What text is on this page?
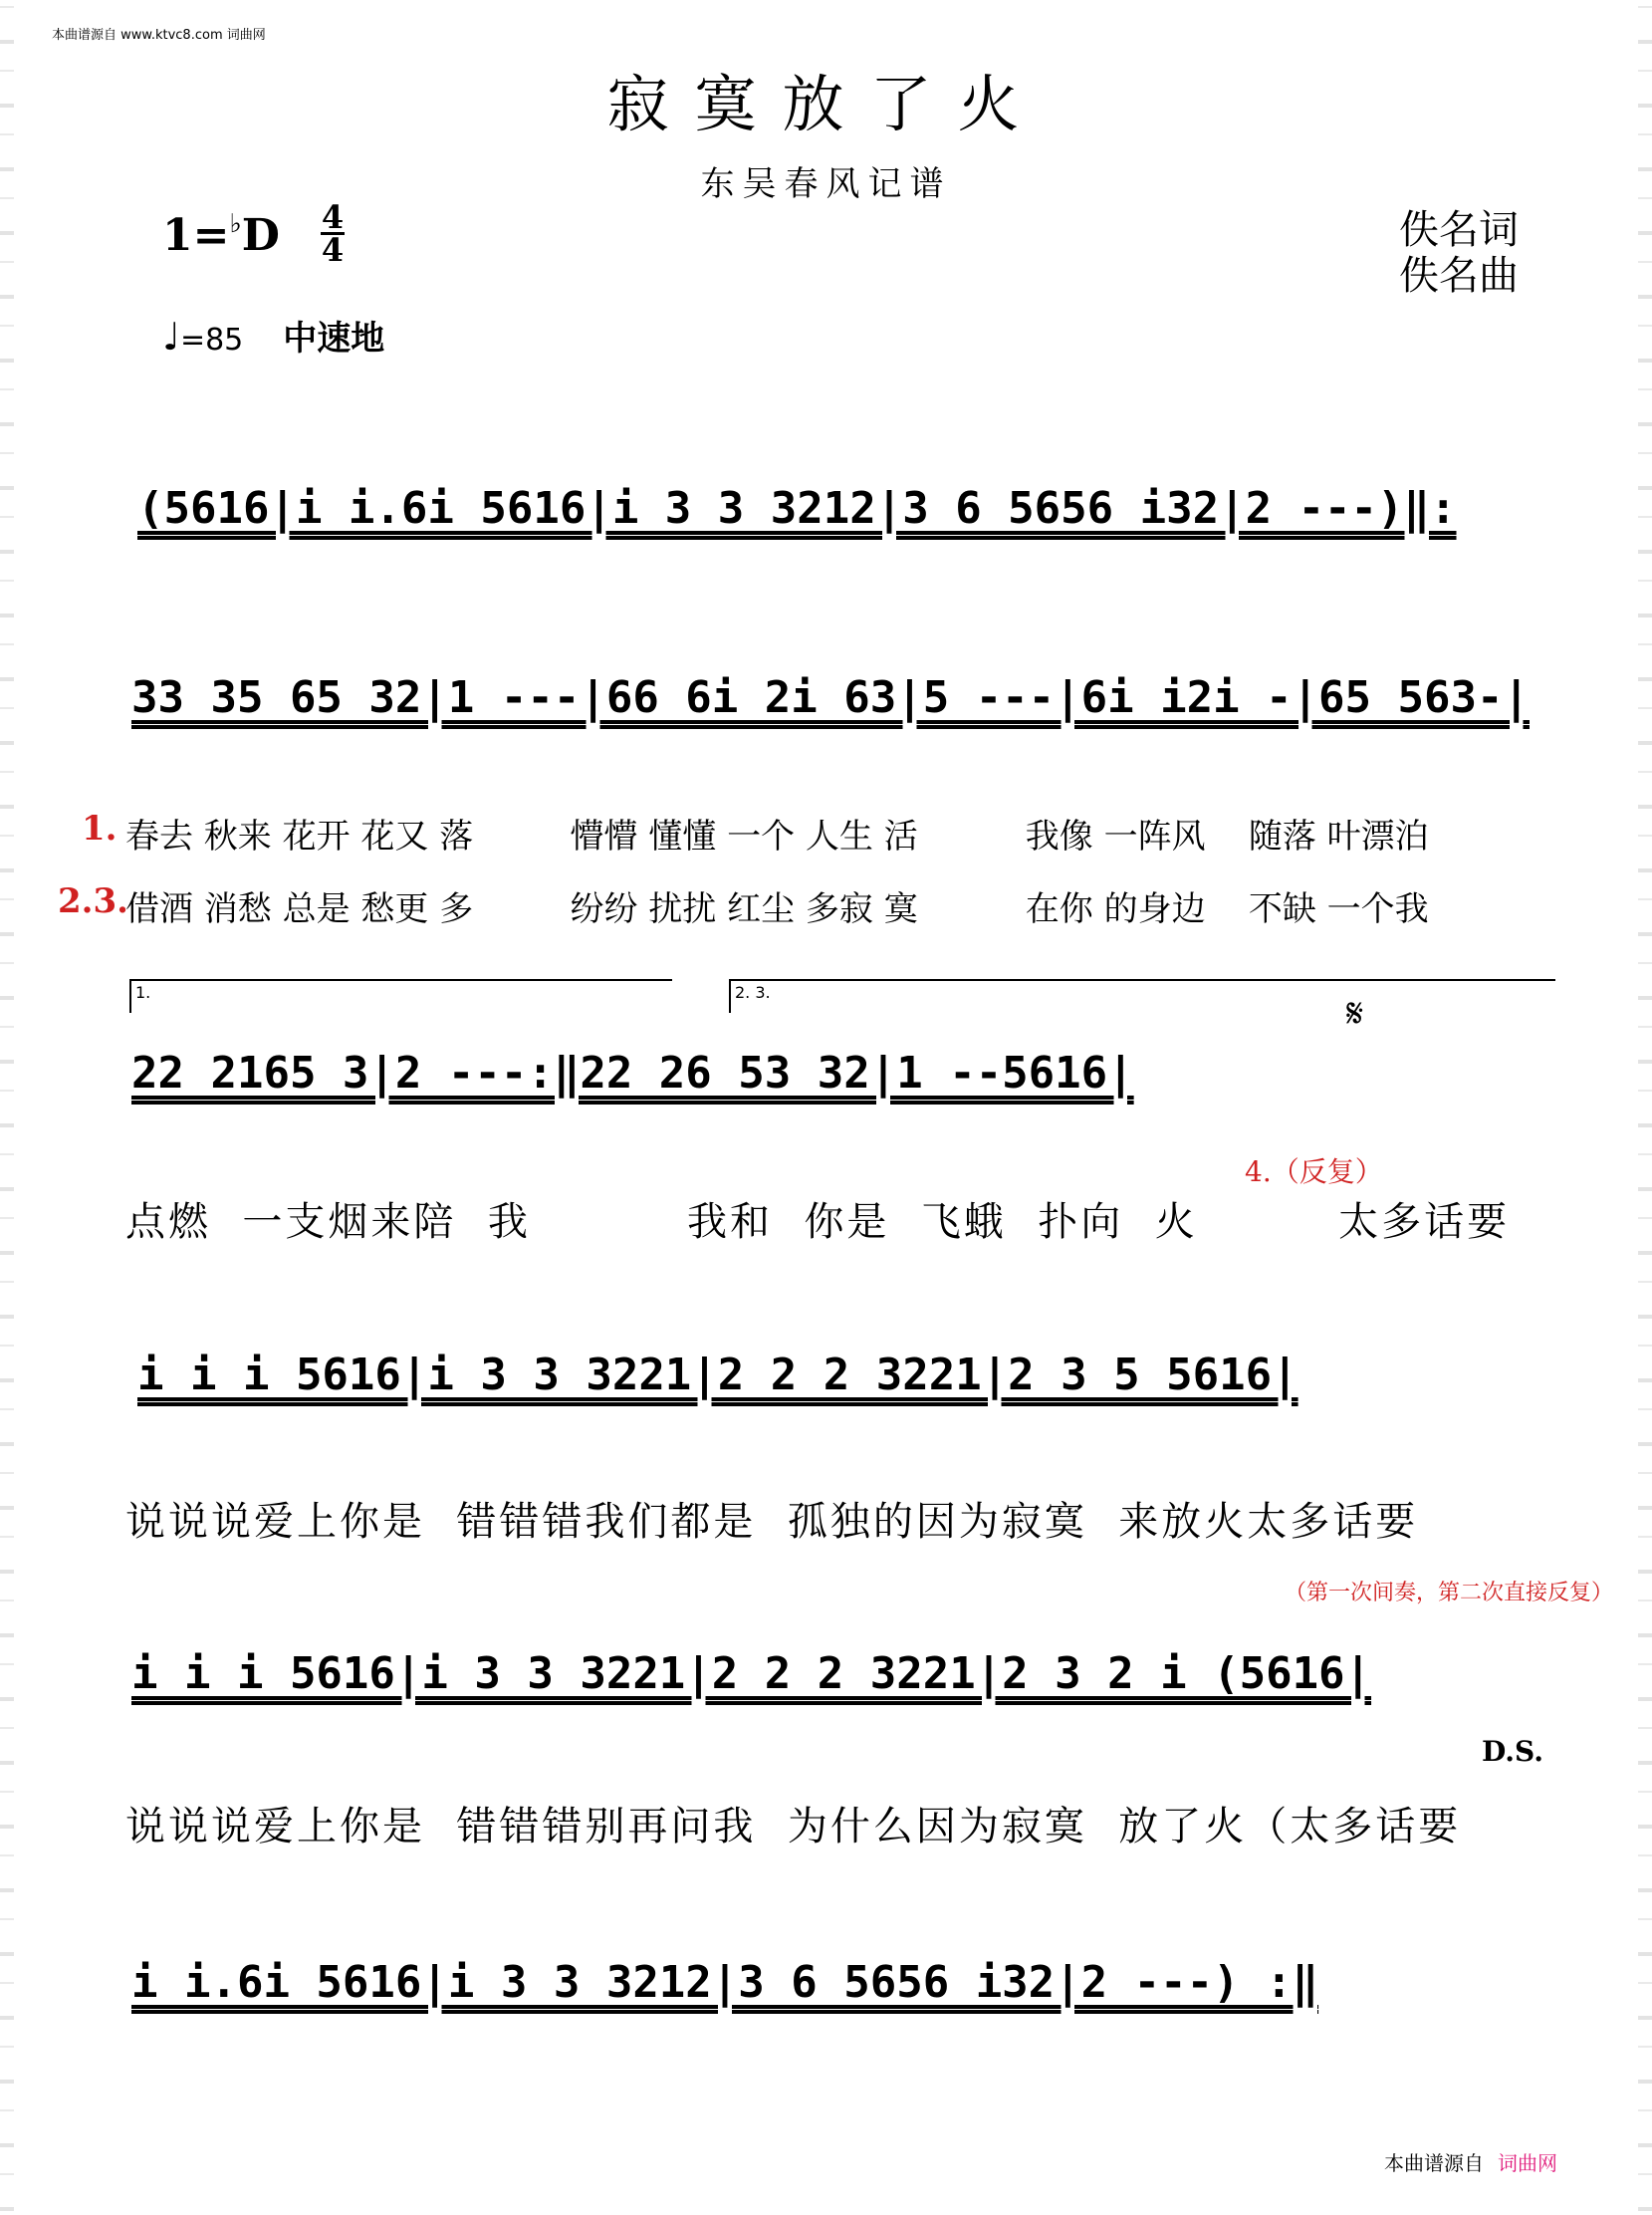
本曲谱源自 www.ktvc8.com 词曲网
寂寞放了火
东吴春风记谱
1=♭D 4
4	佚名词
佚名曲
♩=85 中速地
(5616|i i.6i 5616|i 3 3 3212|3 6 5656 i32|2 ---)‖:
33 35 65 32|1 ---|66 6i 2i 63|5 ---|6i i2i -|65 563-|
1. 春去 秋来 花开 花又 落         懵懵 懂懂 一个 人生 活          我像 一阵风    随落 叶漂泊
2.3.
借酒 消愁 总是 愁更 多         纷纷 扰扰 红尘 多寂 寞          在你 的身边    不缺 一个我
1.	2. 3.	𝄋
22 2165 3|2 ---:‖22 26 53 32|1 --5616|
4.（反复）
点燃  一支烟来陪  我          我和  你是  飞蛾  扑向  火         太多话要
i i i 5616|i 3 3 3221|2 2 2 3221|2 3 5 5616|
说说说爱上你是  错错错我们都是  孤独的因为寂寞  来放火太多话要
（第一次间奏，第二次直接反复）
i i i 5616|i 3 3 3221|2 2 2 3221|2 3 2 i (5616|
D.S.
说说说爱上你是  错错错别再问我  为什么因为寂寞  放了火（太多话要
i i.6i 5616|i 3 3 3212|3 6 5656 i32|2 ---) :‖
本曲谱源自 词曲网
